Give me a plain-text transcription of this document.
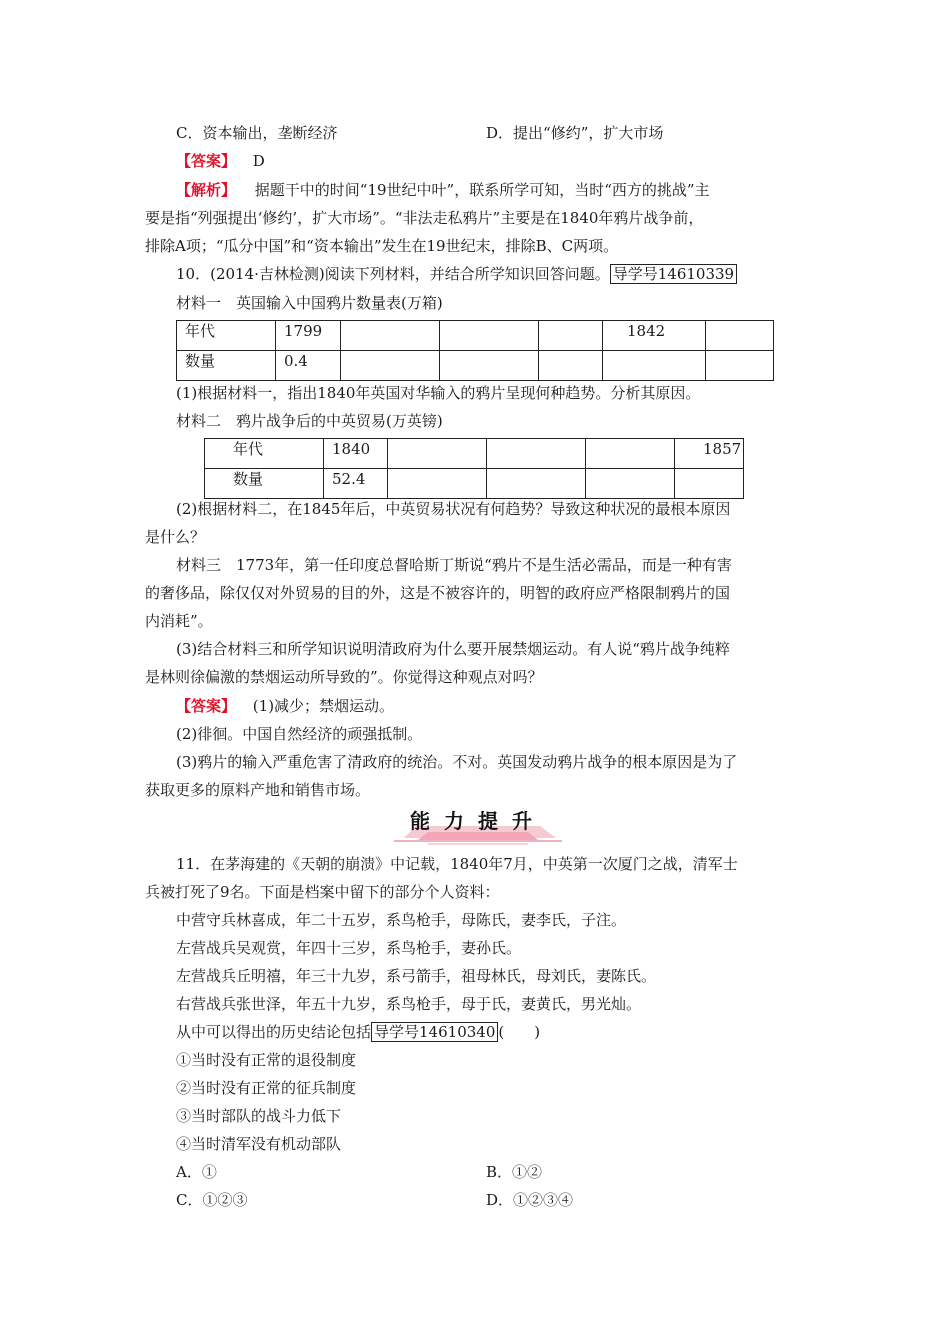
C．资本输出，垄断经济	D．提出“修约”，扩大市场
【答案】 D
【解析】 据题干中的时间“19世纪中叶”，联系所学可知，当时“西方的挑战”主
要是指“列强提出‘修约’，扩大市场”。“非法走私鸦片”主要是在1840年鸦片战争前，
排除A项；“瓜分中国”和“资本输出”发生在19世纪末，排除B、C两项。
10．(2014·吉林检测)阅读下列材料，并结合所学知识回答问题。 导学号14610339
材料一　英国输入中国鸦片数量表(万箱)
年代	1799				1842	
数量	0.4					
(1)根据材料一，指出1840年英国对华输入的鸦片呈现何种趋势。分析其原因。
材料二　鸦片战争后的中英贸易(万英镑)
年代	1840				1857
数量	52.4				
(2)根据材料二，在1845年后，中英贸易状况有何趋势？导致这种状况的最根本原因
是什么？
材料三　1773年，第一任印度总督哈斯丁斯说“鸦片不是生活必需品，而是一种有害
的奢侈品，除仅仅对外贸易的目的外，这是不被容许的，明智的政府应严格限制鸦片的国
内消耗”。
(3)结合材料三和所学知识说明清政府为什么要开展禁烟运动。有人说“鸦片战争纯粹
是林则徐偏激的禁烟运动所导致的”。你觉得这种观点对吗？
【答案】 (1)减少；禁烟运动。
(2)徘徊。中国自然经济的顽强抵制。
(3)鸦片的输入严重危害了清政府的统治。不对。英国发动鸦片战争的根本原因是为了
获取更多的原料产地和销售市场。
能力提升
11．在茅海建的《天朝的崩溃》中记载，1840年7月，中英第一次厦门之战，清军士
兵被打死了9名。下面是档案中留下的部分个人资料：
中营守兵林喜成，年二十五岁，系鸟枪手，母陈氏，妻李氏，子注。
左营战兵吴观赏，年四十三岁，系鸟枪手，妻孙氏。
左营战兵丘明禧，年三十九岁，系弓箭手，祖母林氏，母刘氏，妻陈氏。
右营战兵张世泽，年五十九岁，系鸟枪手，母于氏，妻黄氏，男光灿。
从中可以得出的历史结论包括 导学号14610340 (　　)
①当时没有正常的退役制度
②当时没有正常的征兵制度
③当时部队的战斗力低下
④当时清军没有机动部队
A．①	B．①②
C．①②③	D．①②③④
